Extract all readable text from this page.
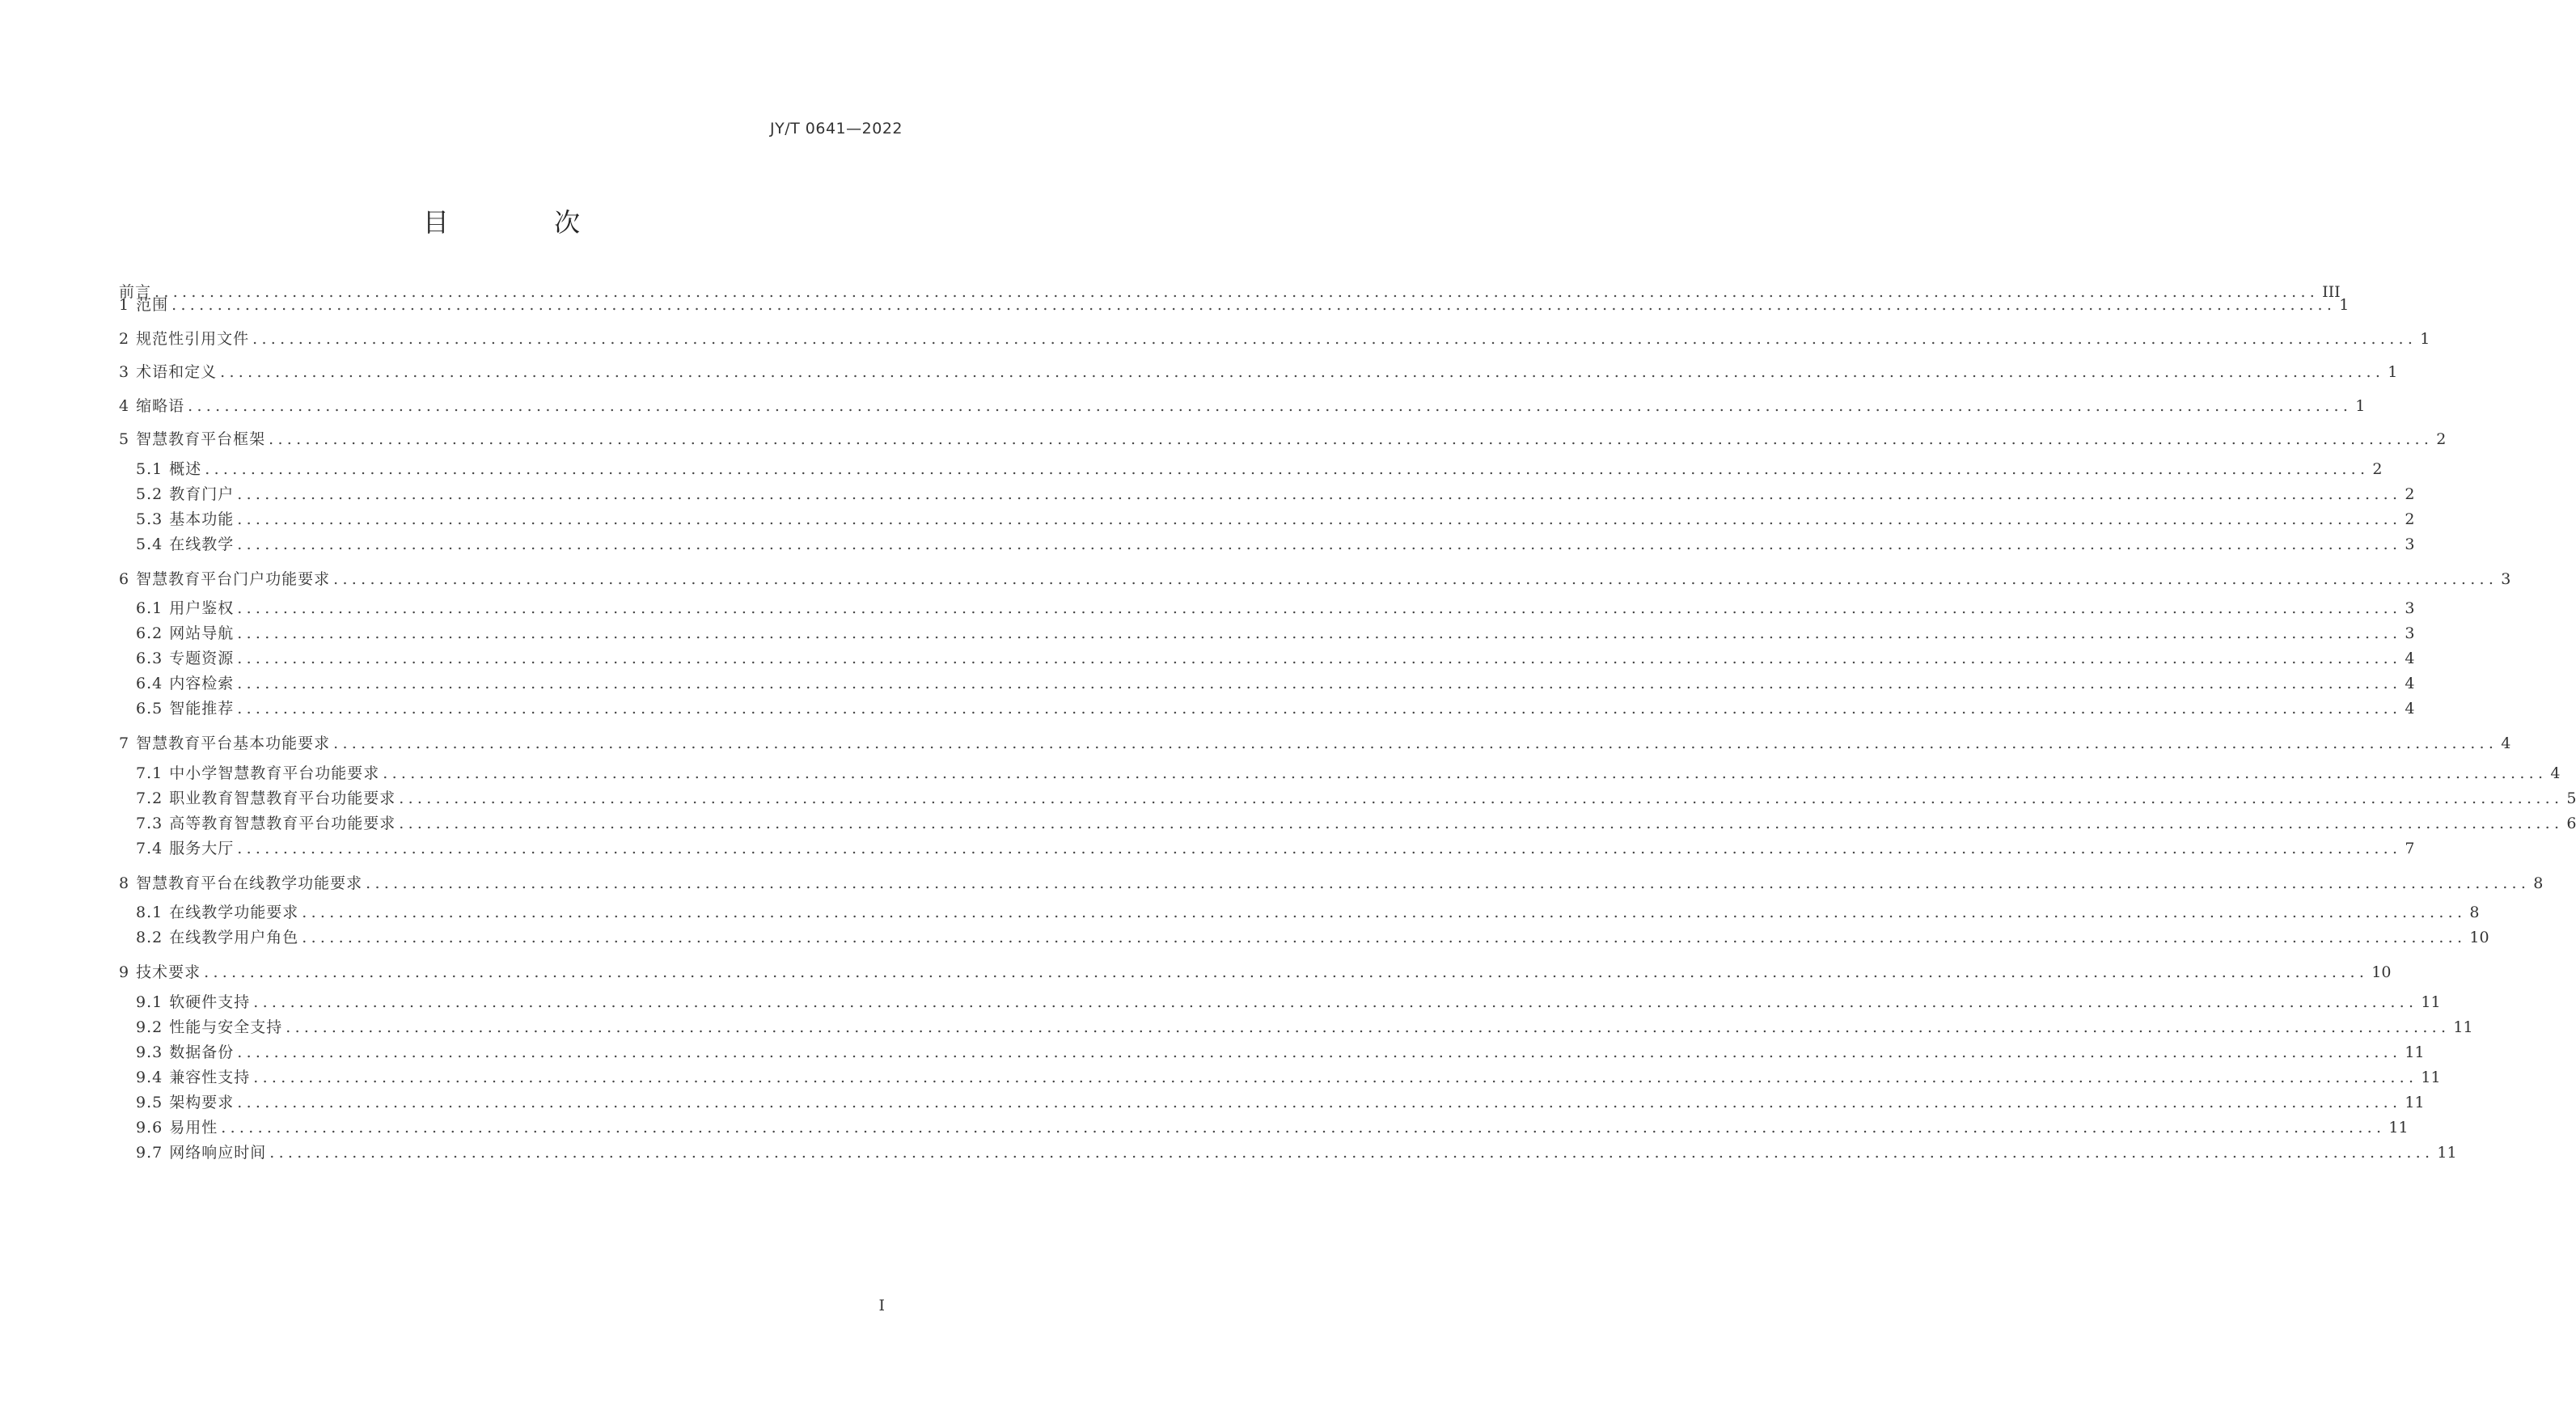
JY/T 0641—2022
目 次
前言 .....	III
1 范围 .....	1
2 规范性引用文件 .....	1
3 术语和定义 .....	1
4 缩略语 .....	1
5 智慧教育平台框架 .....	2
5.1 概述 .....	2
5.2 教育门户 .....	2
5.3 基本功能 .....	2
5.4 在线教学 .....	3
6 智慧教育平台门户功能要求 .....	3
6.1 用户鉴权 .....	3
6.2 网站导航 .....	3
6.3 专题资源 .....	4
6.4 内容检索 .....	4
6.5 智能推荐 .....	4
7 智慧教育平台基本功能要求 .....	4
7.1 中小学智慧教育平台功能要求 .....	4
7.2 职业教育智慧教育平台功能要求 .....	5
7.3 高等教育智慧教育平台功能要求 .....	6
7.4 服务大厅 .....	7
8 智慧教育平台在线教学功能要求 .....	8
8.1 在线教学功能要求 .....	8
8.2 在线教学用户角色 .....	10
9 技术要求 .....	10
9.1 软硬件支持 .....	11
9.2 性能与安全支持 .....	11
9.3 数据备份 .....	11
9.4 兼容性支持 .....	11
9.5 架构要求 .....	11
9.6 易用性 .....	11
9.7 网络响应时间 .....	11
I
